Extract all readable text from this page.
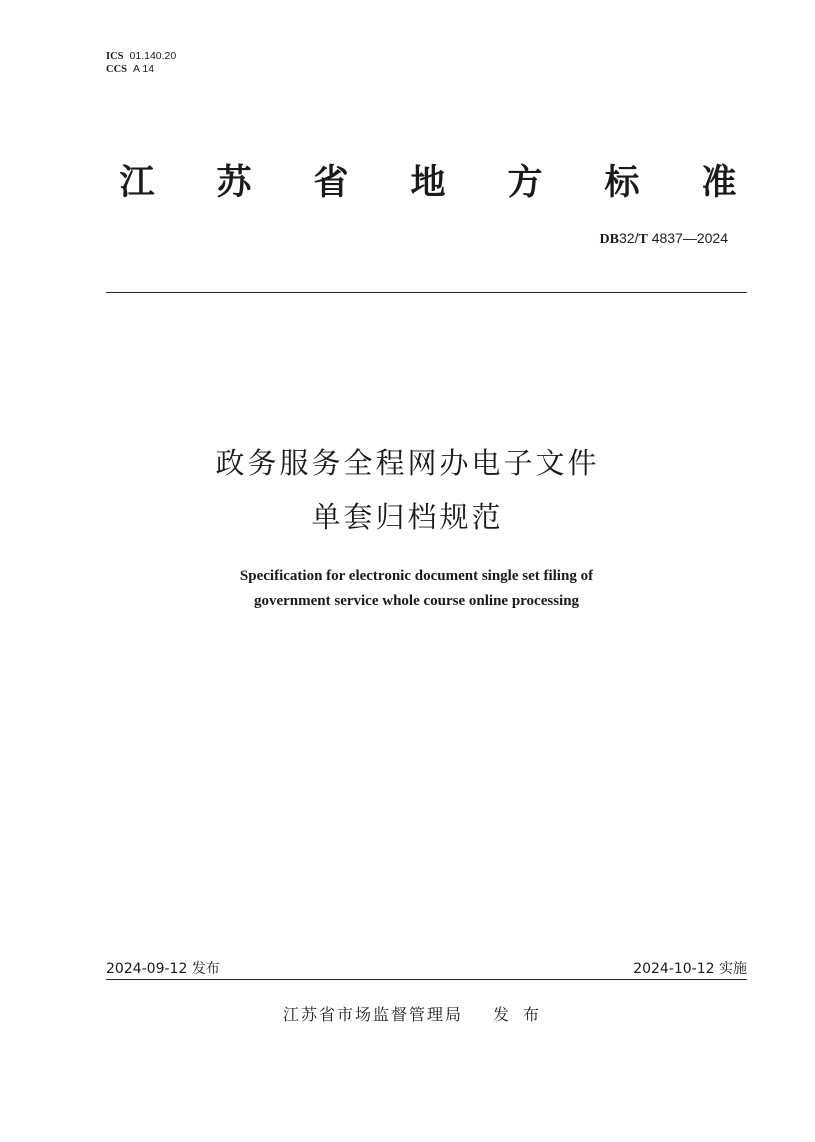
ICS 01.140.20
CCS A 14
江 苏 省 地 方 标 准
DB32/T 4837—2024
政务服务全程网办电子文件
单套归档规范
Specification for electronic document single set filing of
government service whole course online processing
2024-09-12 发布	2024-10-12 实施
江苏省市场监督管理局 发布
